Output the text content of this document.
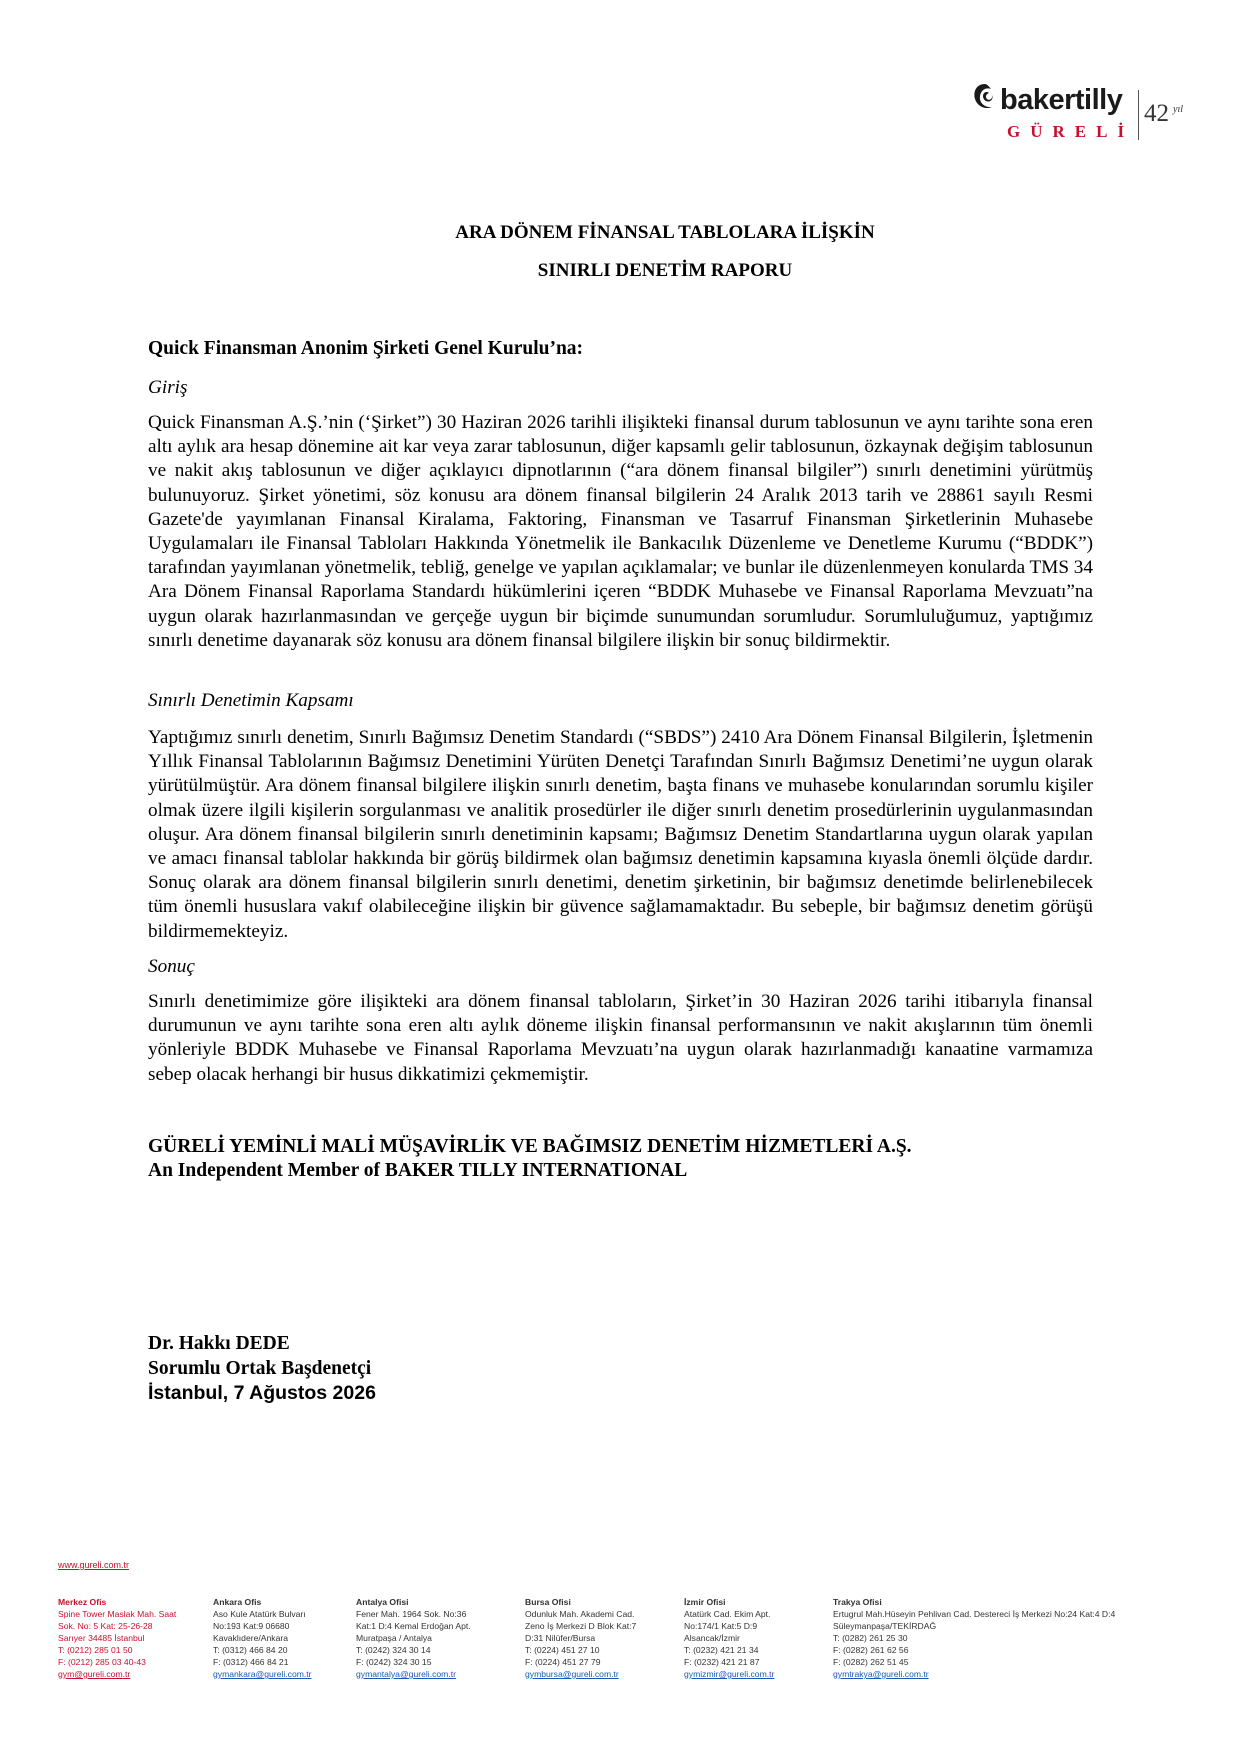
bakertilly
GÜRELİ
42 yıl
ARA DÖNEM FİNANSAL TABLOLARA İLİŞKİN
SINIRLI DENETİM RAPORU
Quick Finansman Anonim Şirketi Genel Kurulu’na:
Giriş
Quick Finansman A.Ş.’nin (‘Şirket”) 30 Haziran 2026 tarihli ilişikteki finansal durum tablosunun ve aynı tarihte sona eren altı aylık ara hesap dönemine ait kar veya zarar tablosunun, diğer kapsamlı gelir tablosunun, özkaynak değişim tablosunun ve nakit akış tablosunun ve diğer açıklayıcı dipnotlarının (“ara dönem finansal bilgiler”) sınırlı denetimini yürütmüş bulunuyoruz. Şirket yönetimi, söz konusu ara dönem finansal bilgilerin 24 Aralık 2013 tarih ve 28861 sayılı Resmi Gazete'de yayımlanan Finansal Kiralama, Faktoring, Finansman ve Tasarruf Finansman Şirketlerinin Muhasebe Uygulamaları ile Finansal Tabloları Hakkında Yönetmelik ile Bankacılık Düzenleme ve Denetleme Kurumu (“BDDK”) tarafından yayımlanan yönetmelik, tebliğ, genelge ve yapılan açıklamalar; ve bunlar ile düzenlenmeyen konularda TMS 34 Ara Dönem Finansal Raporlama Standardı hükümlerini içeren “BDDK Muhasebe ve Finansal Raporlama Mevzuatı”na uygun olarak hazırlanmasından ve gerçeğe uygun bir biçimde sunumundan sorumludur. Sorumluluğumuz, yaptığımız sınırlı denetime dayanarak söz konusu ara dönem finansal bilgilere ilişkin bir sonuç bildirmektir.
Sınırlı Denetimin Kapsamı
Yaptığımız sınırlı denetim, Sınırlı Bağımsız Denetim Standardı (“SBDS”) 2410 Ara Dönem Finansal Bilgilerin, İşletmenin Yıllık Finansal Tablolarının Bağımsız Denetimini Yürüten Denetçi Tarafından Sınırlı Bağımsız Denetimi’ne uygun olarak yürütülmüştür. Ara dönem finansal bilgilere ilişkin sınırlı denetim, başta finans ve muhasebe konularından sorumlu kişiler olmak üzere ilgili kişilerin sorgulanması ve analitik prosedürler ile diğer sınırlı denetim prosedürlerinin uygulanmasından oluşur. Ara dönem finansal bilgilerin sınırlı denetiminin kapsamı; Bağımsız Denetim Standartlarına uygun olarak yapılan ve amacı finansal tablolar hakkında bir görüş bildirmek olan bağımsız denetimin kapsamına kıyasla önemli ölçüde dardır. Sonuç olarak ara dönem finansal bilgilerin sınırlı denetimi, denetim şirketinin, bir bağımsız denetimde belirlenebilecek tüm önemli hususlara vakıf olabileceğine ilişkin bir güvence sağlamamaktadır. Bu sebeple, bir bağımsız denetim görüşü bildirmemekteyiz.
Sonuç
Sınırlı denetimimize göre ilişikteki ara dönem finansal tabloların, Şirket’in 30 Haziran 2026 tarihi itibarıyla finansal durumunun ve aynı tarihte sona eren altı aylık döneme ilişkin finansal performansının ve nakit akışlarının tüm önemli yönleriyle BDDK Muhasebe ve Finansal Raporlama Mevzuatı’na uygun olarak hazırlanmadığı kanaatine varmamıza sebep olacak herhangi bir husus dikkatimizi çekmemiştir.
GÜRELİ YEMİNLİ MALİ MÜŞAVİRLİK VE BAĞIMSIZ DENETİM HİZMETLERİ A.Ş.
An Independent Member of BAKER TILLY INTERNATIONAL
Dr. Hakkı DEDE
Sorumlu Ortak Başdenetçi
İstanbul, 7 Ağustos 2026
www.gureli.com.tr
Merkez Ofis
Spine Tower Maslak Mah. Saat
Sok. No: 5 Kat: 25-26-28
Sarıyer 34485 İstanbul
T: (0212) 285 01 50
F: (0212) 285 03 40-43
gym@gureli.com.tr
Ankara Ofis
Aso Kule Atatürk Bulvarı
No:193 Kat:9 06680
Kavaklıdere/Ankara
T: (0312) 466 84 20
F: (0312) 466 84 21
gymankara@gureli.com.tr
Antalya Ofisi
Fener Mah. 1964 Sok. No:36
Kat:1 D:4 Kemal Erdoğan Apt.
Muratpaşa / Antalya
T: (0242) 324 30 14
F: (0242) 324 30 15
gymantalya@gureli.com.tr
Bursa Ofisi
Odunluk Mah. Akademi Cad.
Zeno İş Merkezi D Blok Kat:7
D:31 Nilüfer/Bursa
T: (0224) 451 27 10
F: (0224) 451 27 79
gymbursa@gureli.com.tr
İzmir Ofisi
Atatürk Cad. Ekim Apt.
No:174/1 Kat:5 D:9
Alsancak/İzmir
T: (0232) 421 21 34
F: (0232) 421 21 87
gymizmir@gureli.com.tr
Trakya Ofisi
Ertugrul Mah.Hüseyin Pehlivan Cad. Destereci İş Merkezi No:24 Kat:4 D:4
Süleymanpaşa/TEKİRDAĞ
T: (0282) 261 25 30
F: (0282) 261 62 56
F: (0282) 262 51 45
gymtrakya@gureli.com.tr
